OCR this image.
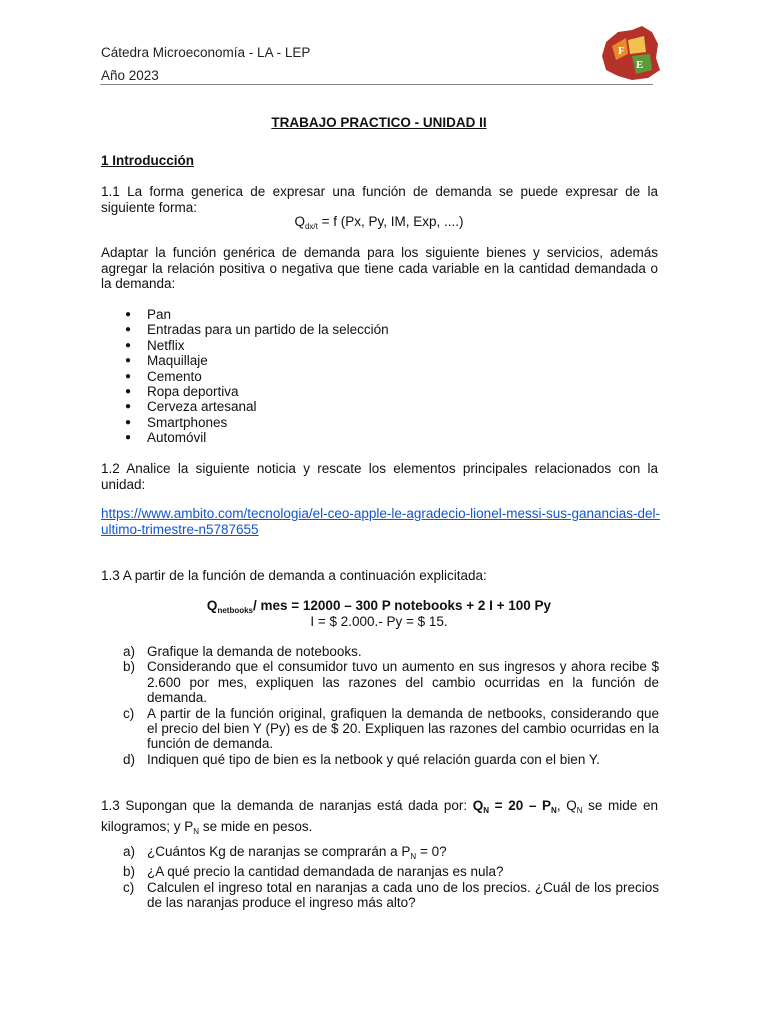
Cátedra Microeconomía - LA - LEP
Año 2023
F
E
TRABAJO PRACTICO - UNIDAD II
1 Introducción
1.1 La forma generica de expresar una función de demanda se puede expresar de la siguiente forma:
$Q_{dx/t} = f$ (Px, Py, IM, Exp, ....)
Adaptar la función genérica de demanda para los siguiente bienes y servicios, además agregar la relación positiva o negativa que tiene cada variable en la cantidad demandada o la demanda:
● Pan
● Entradas para un partido de la selección
● Netflix
● Maquillaje
● Cemento
● Ropa deportiva
● Cerveza artesanal
● Smartphones
● Automóvil
1.2 Analice la siguiente noticia y rescate los elementos principales relacionados con la unidad:
https://www.ambito.com/tecnologia/el-ceo-apple-le-agradecio-lionel-messi-sus-ganancias-del-ultimo-trimestre-n5787655
1.3 A partir de la función de demanda a continuación explicitada:
$Q_{netbooks}/$ mes = 12000 – 300 P notebooks + 2 I + 100 Py
I = $ 2.000.- Py = $ 15.
a) Grafique la demanda de notebooks.
b) Considerando que el consumidor tuvo un aumento en sus ingresos y ahora recibe $ 2.600 por mes, expliquen las razones del cambio ocurridas en la función de demanda.
c) A partir de la función original, grafiquen la demanda de netbooks, considerando que el precio del bien Y (Py) es de $ 20. Expliquen las razones del cambio ocurridas en la función de demanda.
d) Indiquen qué tipo de bien es la netbook y qué relación guarda con el bien Y.
1.3 Supongan que la demanda de naranjas está dada por: $Q_N = 20 - P_N$, $Q_N$ se mide en kilogramos; y $P_N$ se mide en pesos.
a) ¿Cuántos Kg de naranjas se comprarán a $P_N = 0$?
b) ¿A qué precio la cantidad demandada de naranjas es nula?
c) Calculen el ingreso total en naranjas a cada uno de los precios. ¿Cuál de los precios de las naranjas produce el ingreso más alto?
